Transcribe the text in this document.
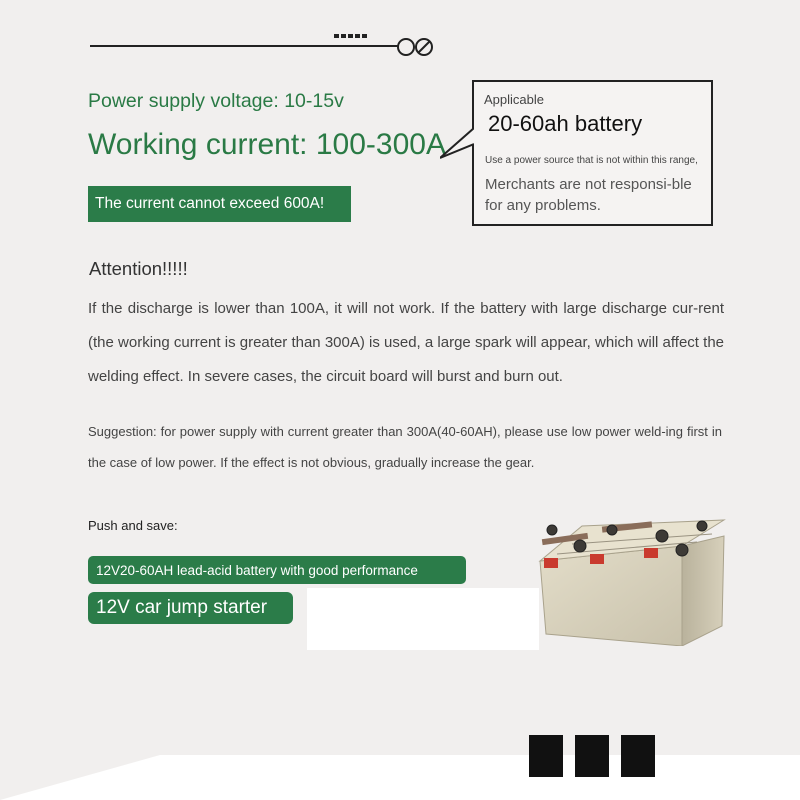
Power supply voltage: 10-15v
Working current: 100-300A
The current cannot exceed 600A!
Applicable
20-60ah battery
Use a power source that is not within this range,
Merchants are not responsi-ble for any problems.
Attention!!!!!
If the discharge is lower than 100A, it will not work. If the battery with large discharge cur-rent (the working current is greater than 300A) is used, a large spark will appear, which will affect the welding effect. In severe cases, the circuit board will burst and burn out.
Suggestion: for power supply with current greater than 300A(40-60AH), please use low power weld-ing first in the case of low power. If the effect is not obvious, gradually increase the gear.
Push and save:
12V20-60AH lead-acid battery with good performance
12V car jump starter
